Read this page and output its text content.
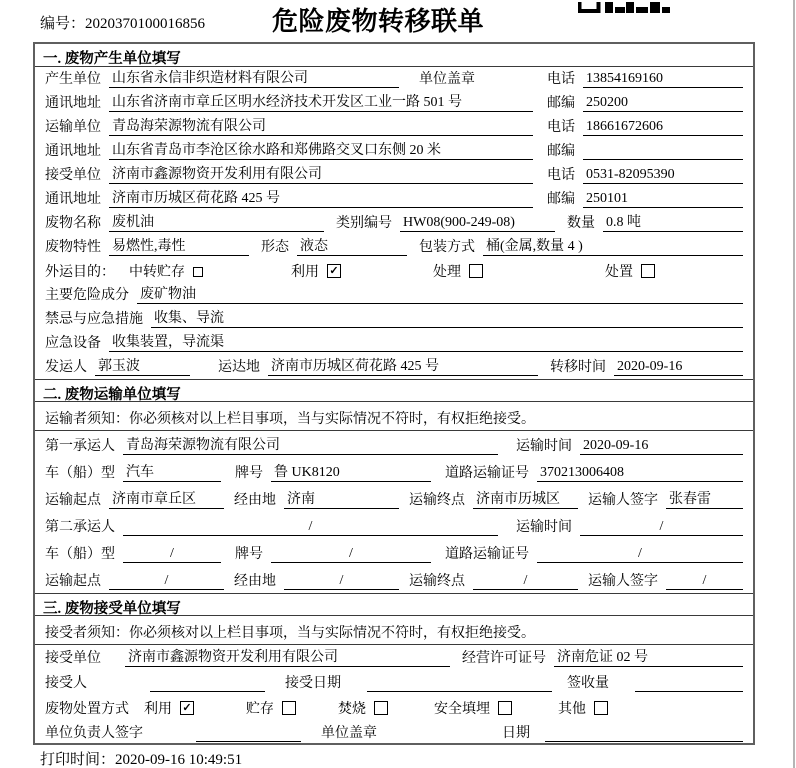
编号：2020370100016856	危险废物转移联单
一. 废物产生单位填写
产生单位 山东省永信非织造材料有限公司	单位盖章	电话 13854169160
通讯地址 山东省济南市章丘区明水经济技术开发区工业一路 501 号	邮编 250200
运输单位 青岛海荣源物流有限公司	电话 18661672606
通讯地址 山东省青岛市李沧区徐水路和郑佛路交叉口东侧 20 米	邮编
接受单位 济南市鑫源物资开发利用有限公司	电话 0531-82095390
通讯地址 济南市历城区荷花路 425 号	邮编 250101
废物名称 废机油	类别编号 HW08(900-249-08)	数量 0.8 吨
废物特性 易燃性,毒性	形态 液态	包装方式 桶(金属,数量 4 )
外运目的： 中转贮存	利用 ✓	处理	处置
主要危险成分 废矿物油
禁忌与应急措施 收集、导流
应急设备 收集装置，导流渠
发运人 郭玉波	运达地 济南市历城区荷花路 425 号	转移时间 2020-09-16
二. 废物运输单位填写
运输者须知：你必须核对以上栏目事项，当与实际情况不符时，有权拒绝接受。
第一承运人 青岛海荣源物流有限公司	运输时间 2020-09-16
车（船）型 汽车	牌号 鲁 UK8120	道路运输证号 370213006408
运输起点 济南市章丘区	经由地 济南	运输终点 济南市历城区	运输人签字 张春雷
第二承运人	/	运输时间	/
车（船）型	/	牌号	/	道路运输证号	/
运输起点	/	经由地	/	运输终点	/	运输人签字	/
三. 废物接受单位填写
接受者须知：你必须核对以上栏目事项，当与实际情况不符时，有权拒绝接受。
接受单位	济南市鑫源物资开发利用有限公司	经营许可证号 济南危证 02 号
接受人	接受日期	签收量
废物处置方式 利用 ✓	贮存	焚烧	安全填埋	其他
单位负责人签字	单位盖章	日期
打印时间：2020-09-16 10:49:51
